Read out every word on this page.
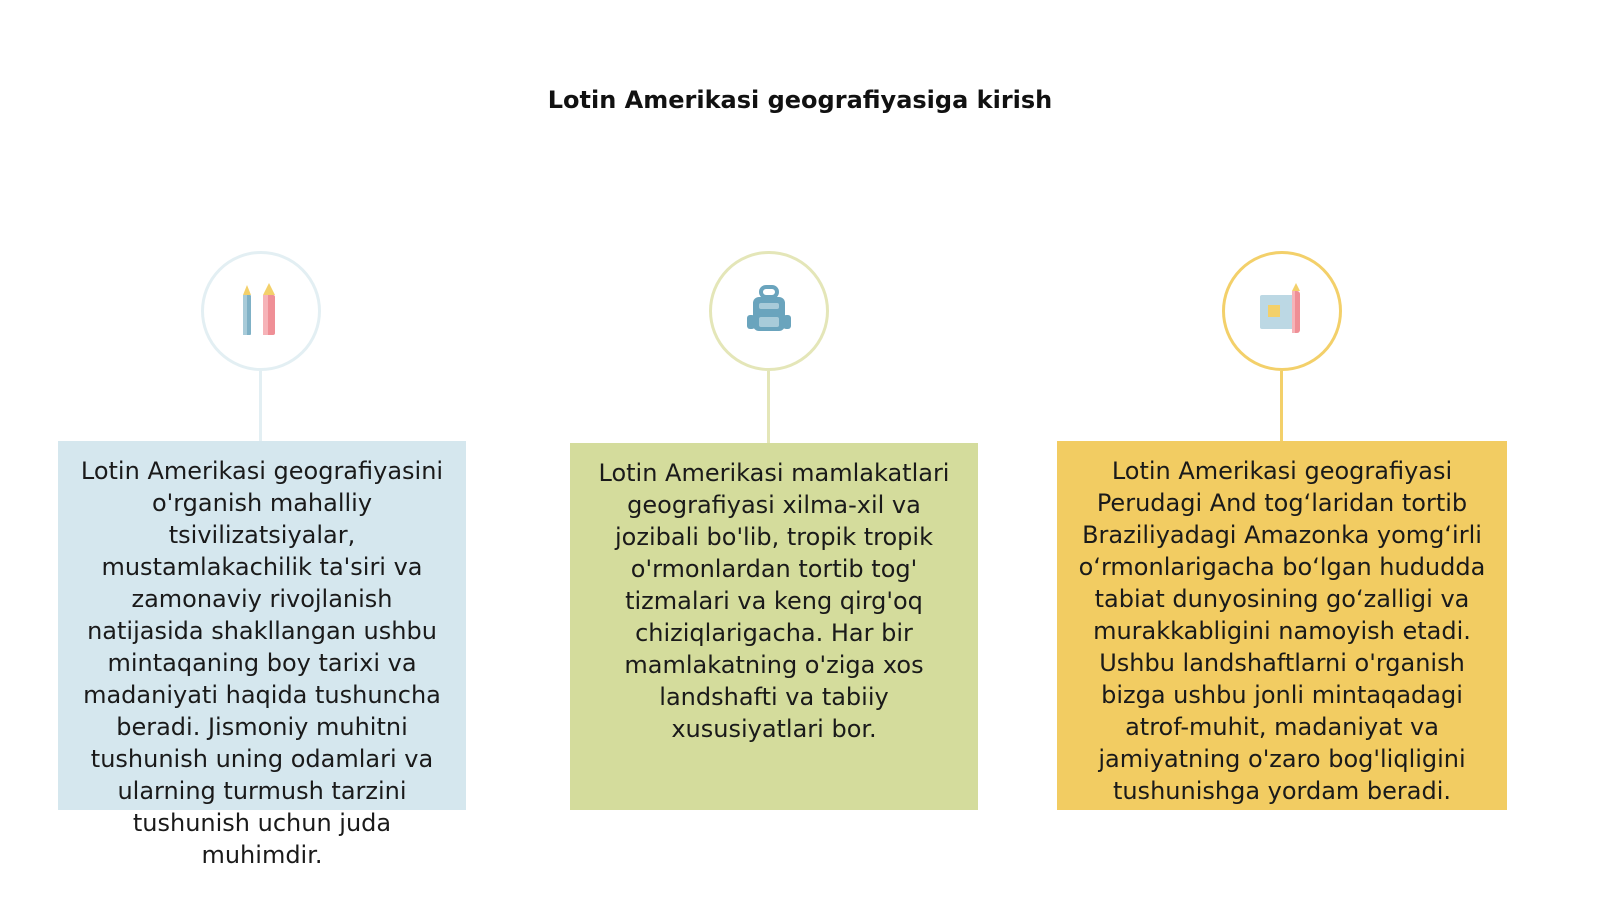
Lotin Amerikasi geografiyasiga kirish

Lotin Amerikasi geografiyasini o'rganish mahalliy tsivilizatsiyalar, mustamlakachilik ta'siri va zamonaviy rivojlanish natijasida shakllangan ushbu mintaqaning boy tarixi va madaniyati haqida tushuncha beradi. Jismoniy muhitni tushunish uning odamlari va ularning turmush tarzini tushunish uchun juda muhimdir.

Lotin Amerikasi mamlakatlari geografiyasi xilma-xil va jozibali bo'lib, tropik tropik o'rmonlardan tortib tog' tizmalari va keng qirg'oq chiziqlarigacha. Har bir mamlakatning o'ziga xos landshafti va tabiiy xususiyatlari bor.

Lotin Amerikasi geografiyasi Perudagi And tog‘laridan tortib Braziliyadagi Amazonka yomg‘irli o‘rmonlarigacha bo‘lgan hududda tabiat dunyosining go‘zalligi va murakkabligini namoyish etadi. Ushbu landshaftlarni o'rganish bizga ushbu jonli mintaqadagi atrof-muhit, madaniyat va jamiyatning o'zaro bog'liqligini tushunishga yordam beradi.
